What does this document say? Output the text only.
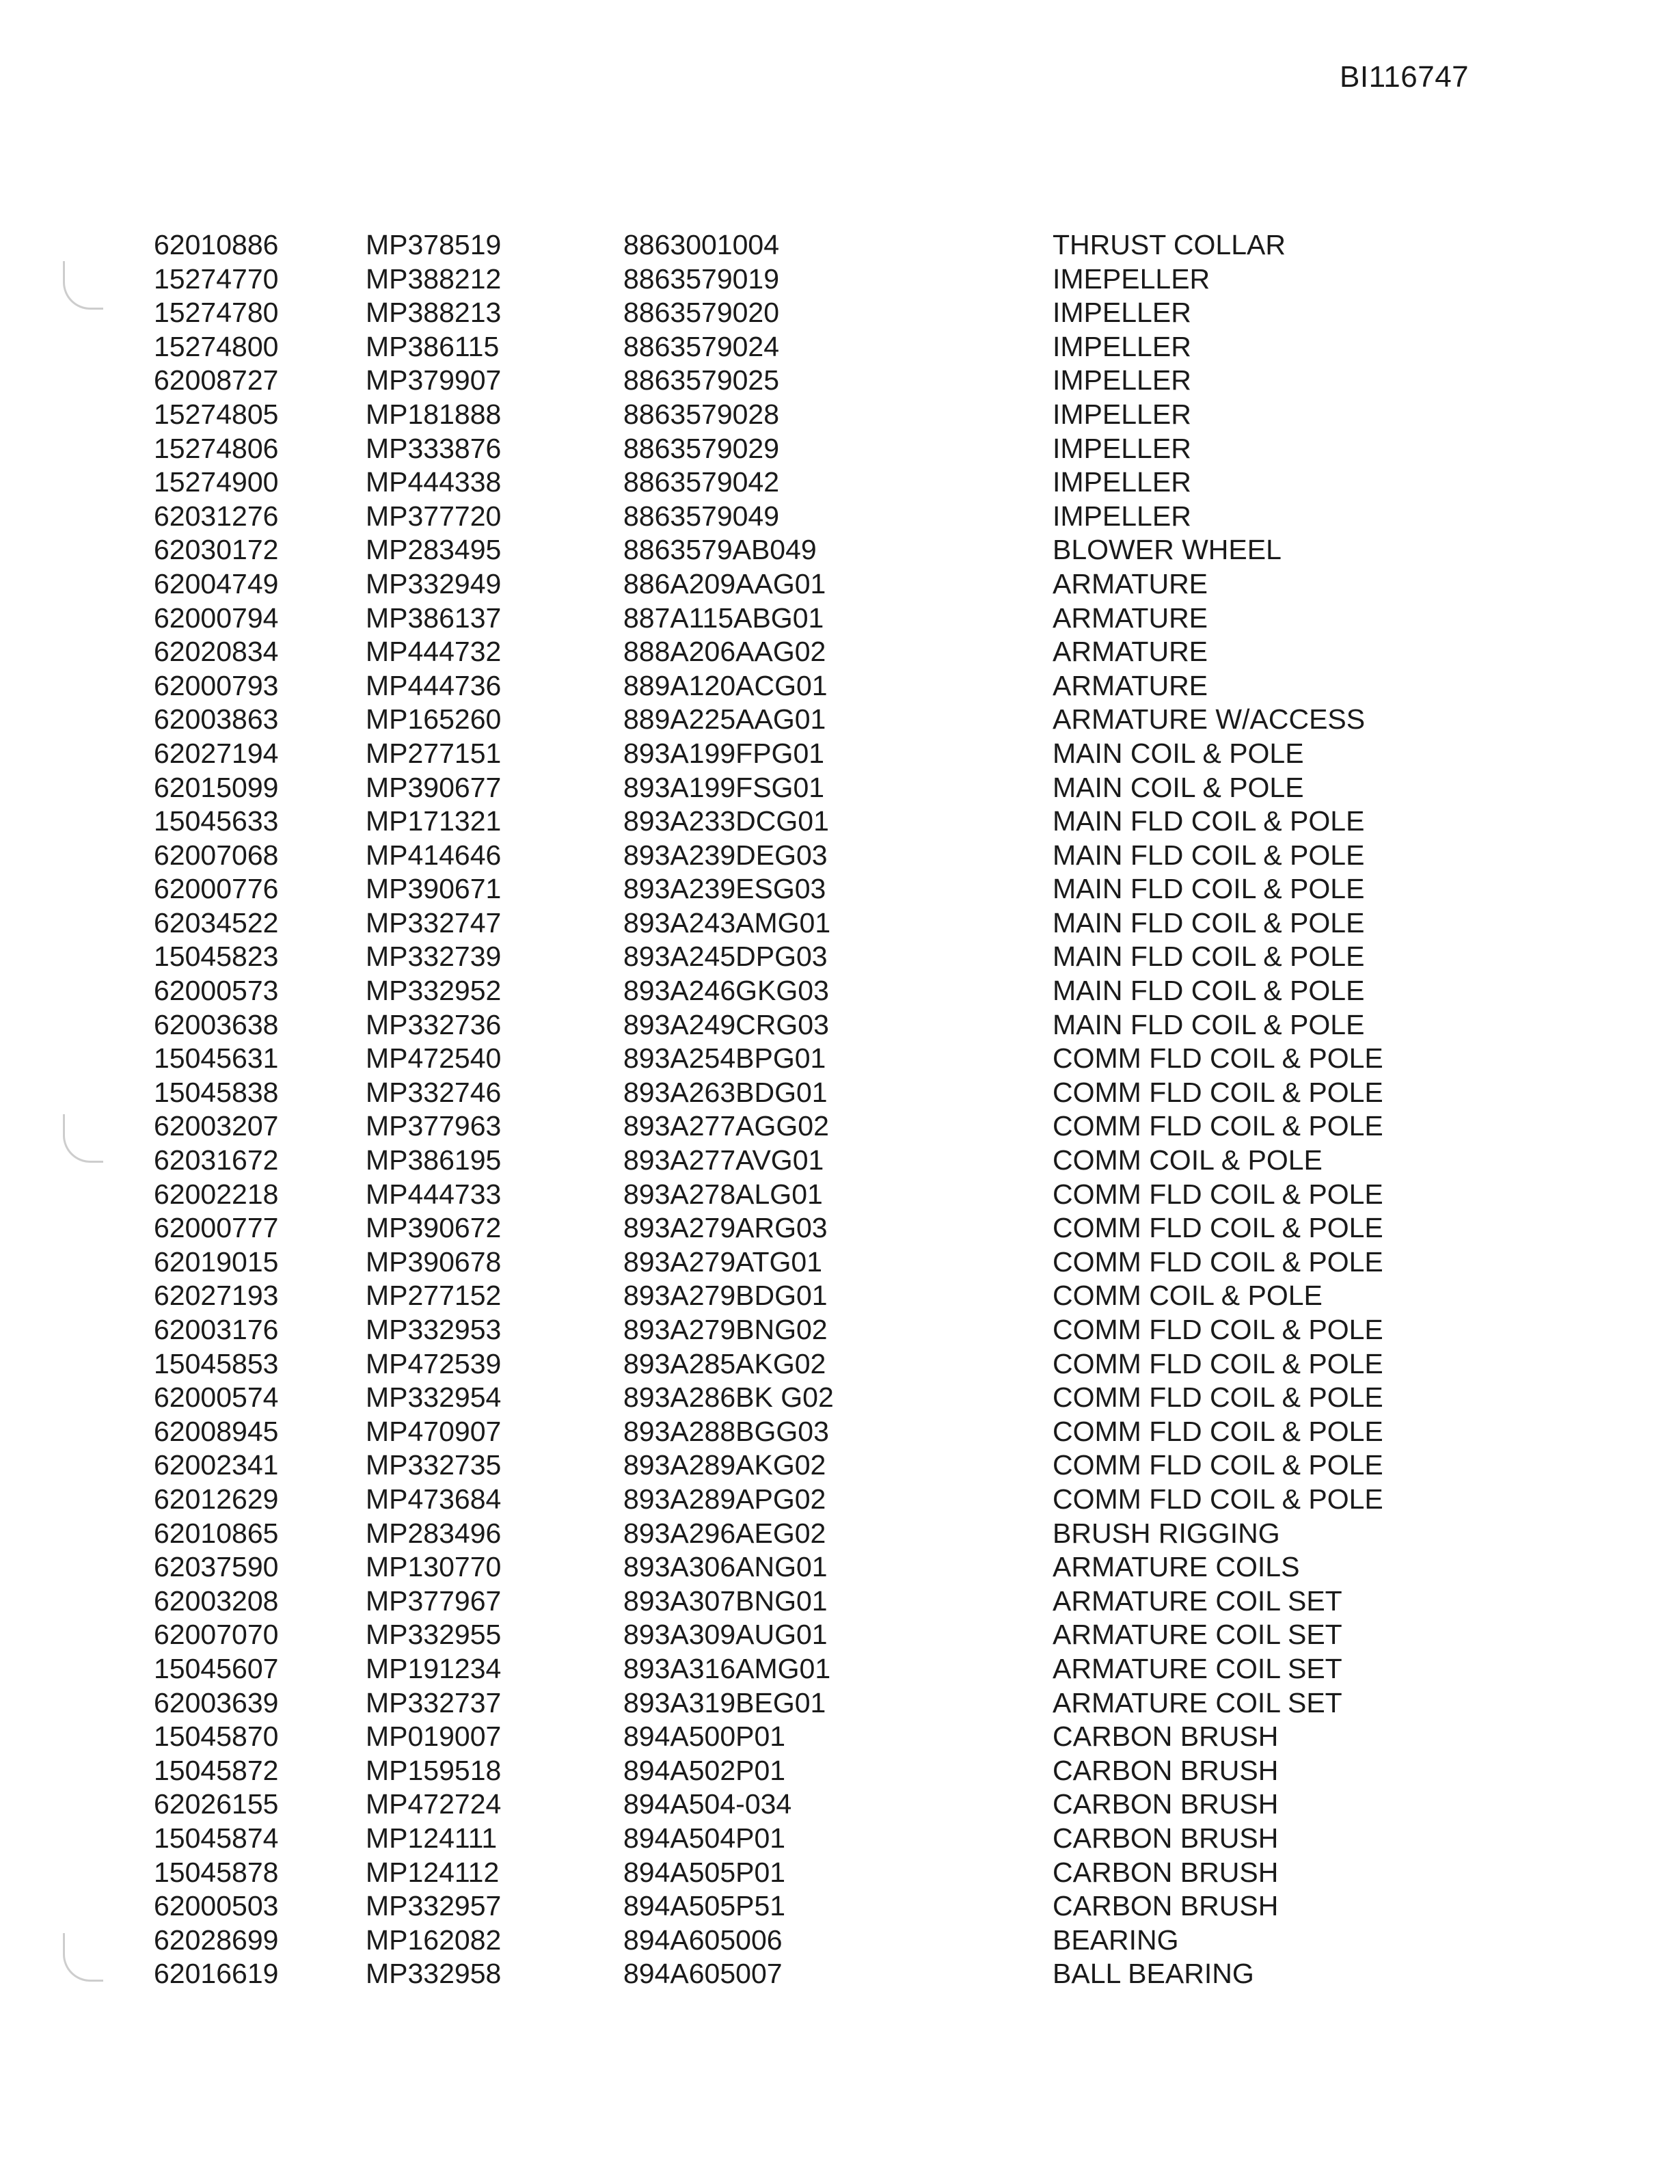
BI116747
62010886	MP378519	8863001004	THRUST COLLAR
15274770	MP388212	8863579019	IMEPELLER
15274780	MP388213	8863579020	IMPELLER
15274800	MP386115	8863579024	IMPELLER
62008727	MP379907	8863579025	IMPELLER
15274805	MP181888	8863579028	IMPELLER
15274806	MP333876	8863579029	IMPELLER
15274900	MP444338	8863579042	IMPELLER
62031276	MP377720	8863579049	IMPELLER
62030172	MP283495	8863579AB049	BLOWER WHEEL
62004749	MP332949	886A209AAG01	ARMATURE
62000794	MP386137	887A115ABG01	ARMATURE
62020834	MP444732	888A206AAG02	ARMATURE
62000793	MP444736	889A120ACG01	ARMATURE
62003863	MP165260	889A225AAG01	ARMATURE W/ACCESS
62027194	MP277151	893A199FPG01	MAIN COIL & POLE
62015099	MP390677	893A199FSG01	MAIN COIL & POLE
15045633	MP171321	893A233DCG01	MAIN FLD COIL & POLE
62007068	MP414646	893A239DEG03	MAIN FLD COIL & POLE
62000776	MP390671	893A239ESG03	MAIN FLD COIL & POLE
62034522	MP332747	893A243AMG01	MAIN FLD COIL & POLE
15045823	MP332739	893A245DPG03	MAIN FLD COIL & POLE
62000573	MP332952	893A246GKG03	MAIN FLD COIL & POLE
62003638	MP332736	893A249CRG03	MAIN FLD COIL & POLE
15045631	MP472540	893A254BPG01	COMM FLD COIL & POLE
15045838	MP332746	893A263BDG01	COMM FLD COIL & POLE
62003207	MP377963	893A277AGG02	COMM FLD COIL & POLE
62031672	MP386195	893A277AVG01	COMM COIL & POLE
62002218	MP444733	893A278ALG01	COMM FLD COIL & POLE
62000777	MP390672	893A279ARG03	COMM FLD COIL & POLE
62019015	MP390678	893A279ATG01	COMM FLD COIL & POLE
62027193	MP277152	893A279BDG01	COMM COIL & POLE
62003176	MP332953	893A279BNG02	COMM FLD COIL & POLE
15045853	MP472539	893A285AKG02	COMM FLD COIL & POLE
62000574	MP332954	893A286BK G02	COMM FLD COIL & POLE
62008945	MP470907	893A288BGG03	COMM FLD COIL & POLE
62002341	MP332735	893A289AKG02	COMM FLD COIL & POLE
62012629	MP473684	893A289APG02	COMM FLD COIL & POLE
62010865	MP283496	893A296AEG02	BRUSH RIGGING
62037590	MP130770	893A306ANG01	ARMATURE COILS
62003208	MP377967	893A307BNG01	ARMATURE COIL SET
62007070	MP332955	893A309AUG01	ARMATURE COIL SET
15045607	MP191234	893A316AMG01	ARMATURE COIL SET
62003639	MP332737	893A319BEG01	ARMATURE COIL SET
15045870	MP019007	894A500P01	CARBON BRUSH
15045872	MP159518	894A502P01	CARBON BRUSH
62026155	MP472724	894A504-034	CARBON BRUSH
15045874	MP124111	894A504P01	CARBON BRUSH
15045878	MP124112	894A505P01	CARBON BRUSH
62000503	MP332957	894A505P51	CARBON BRUSH
62028699	MP162082	894A605006	BEARING
62016619	MP332958	894A605007	BALL BEARING
